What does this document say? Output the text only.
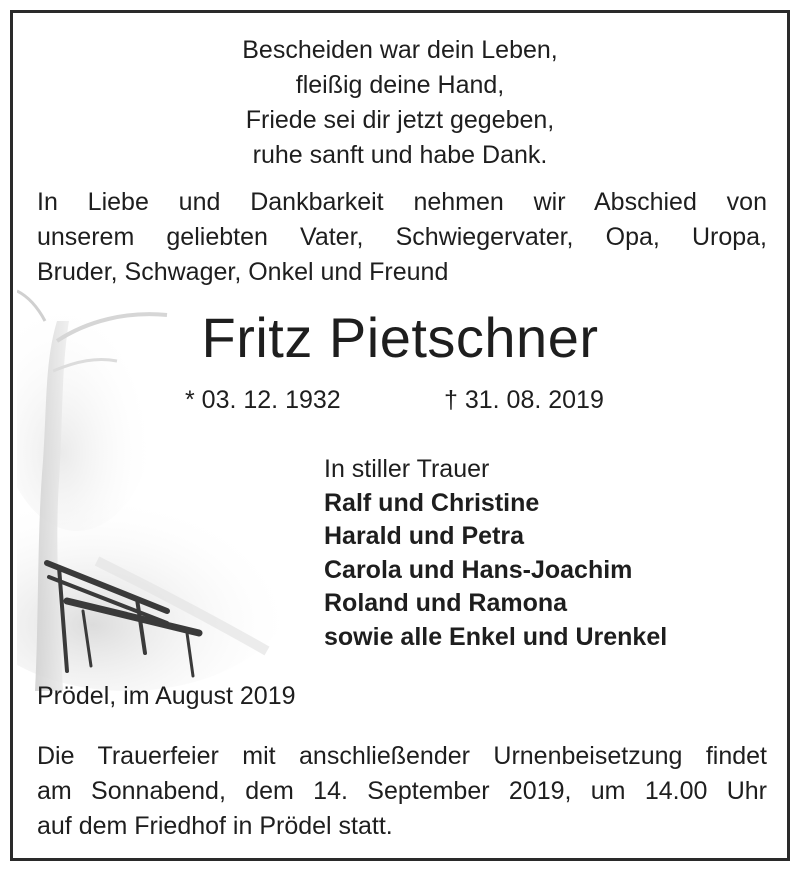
Bescheiden war dein Leben,
fleißig deine Hand,
Friede sei dir jetzt gegeben,
ruhe sanft und habe Dank.
In Liebe und Dankbarkeit nehmen wir Abschied von
unserem geliebten Vater, Schwiegervater, Opa, Uropa,
Bruder, Schwager, Onkel und Freund
Fritz Pietschner
* 03. 12. 1932	† 31. 08. 2019
In stiller Trauer
Ralf und Christine
Harald und Petra
Carola und Hans-Joachim
Roland und Ramona
sowie alle Enkel und Urenkel
Prödel, im August 2019
Die Trauerfeier mit anschließender Urnenbeisetzung findet
am Sonnabend, dem 14. September 2019, um 14.00 Uhr
auf dem Friedhof in Prödel statt.
